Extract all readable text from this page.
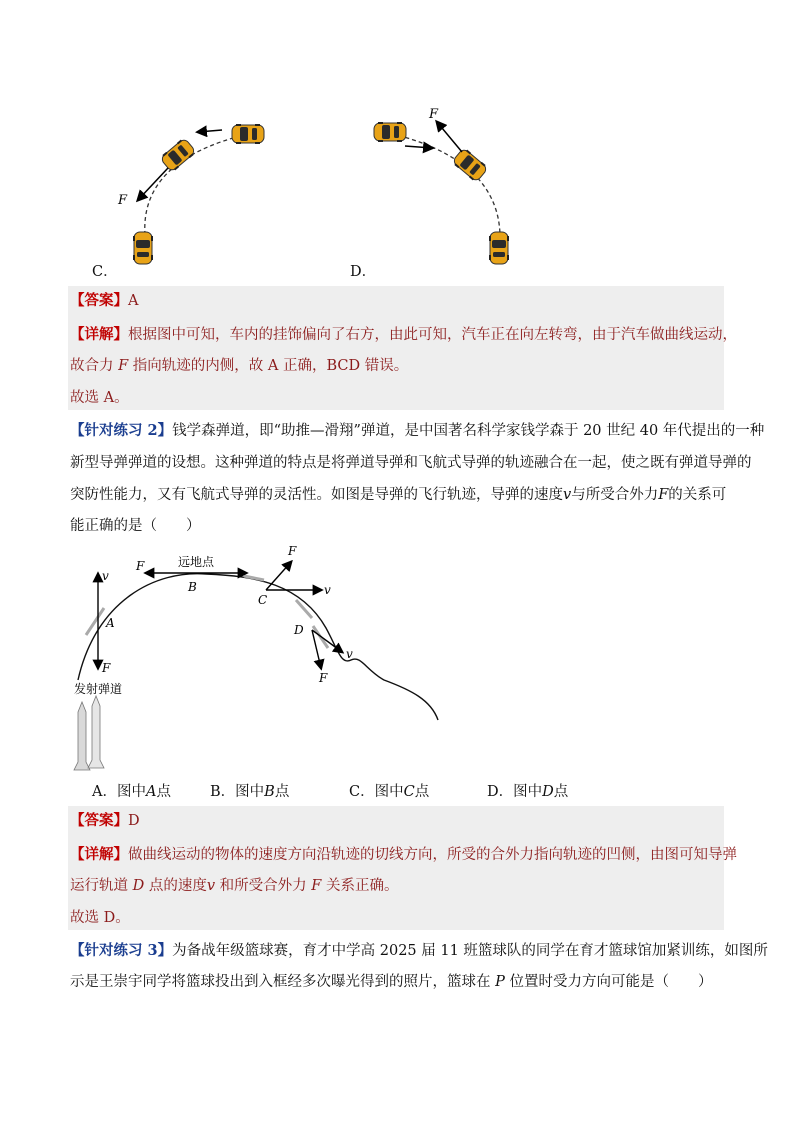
F
F
C．	D．
【答案】A
【详解】根据图中可知，车内的挂饰偏向了右方，由此可知，汽车正在向左转弯，由于汽车做曲线运动，
故合力 F 指向轨迹的内侧，故 A 正确，BCD 错误。
故选 A。
【针对练习 2】钱学森弹道，即“助推—滑翔”弹道，是中国著名科学家钱学森于 20 世纪 40 年代提出的一种
新型导弹弹道的设想。这种弹道的特点是将弹道导弹和飞航式导弹的轨迹融合在一起，使之既有弹道导弹的
突防性能力，又有飞航式导弹的灵活性。如图是导弹的飞行轨迹，导弹的速度v与所受合外力F的关系可
能正确的是（　　）
v
F
A
F	远地点
B
F
v
C
D
F
v
发射弹道
A．图中A点	B．图中B点	C．图中C点	D．图中D点
【答案】D
【详解】做曲线运动的物体的速度方向沿轨迹的切线方向，所受的合外力指向轨迹的凹侧，由图可知导弹
运行轨道 D 点的速度v 和所受合外力 F 关系正确。
故选 D。
【针对练习 3】为备战年级篮球赛，育才中学高 2025 届 11 班篮球队的同学在育才篮球馆加紧训练，如图所
示是王崇宇同学将篮球投出到入框经多次曝光得到的照片，篮球在 P 位置时受力方向可能是（　　）
